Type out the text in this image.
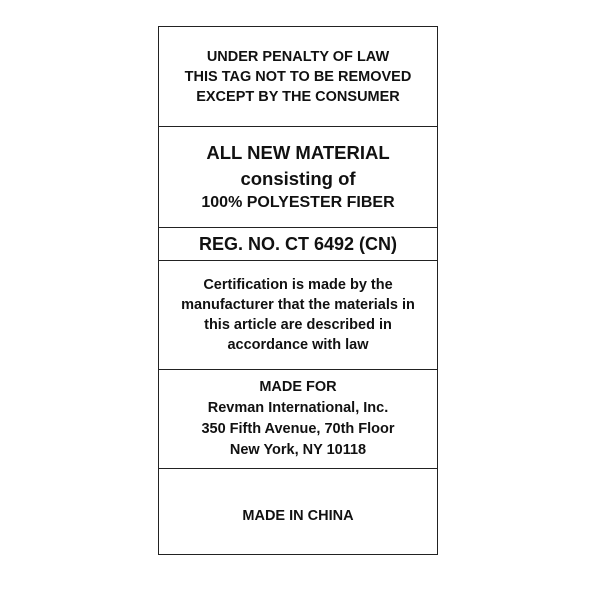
UNDER PENALTY OF LAW
THIS TAG NOT TO BE REMOVED
EXCEPT BY THE CONSUMER
ALL NEW MATERIAL
consisting of
100% POLYESTER FIBER
REG. NO. CT 6492 (CN)
Certification is made by the
manufacturer that the materials in
this article are described in
accordance with law
MADE FOR
Revman International, Inc.
350 Fifth Avenue, 70th Floor
New York, NY 10118
MADE IN CHINA
